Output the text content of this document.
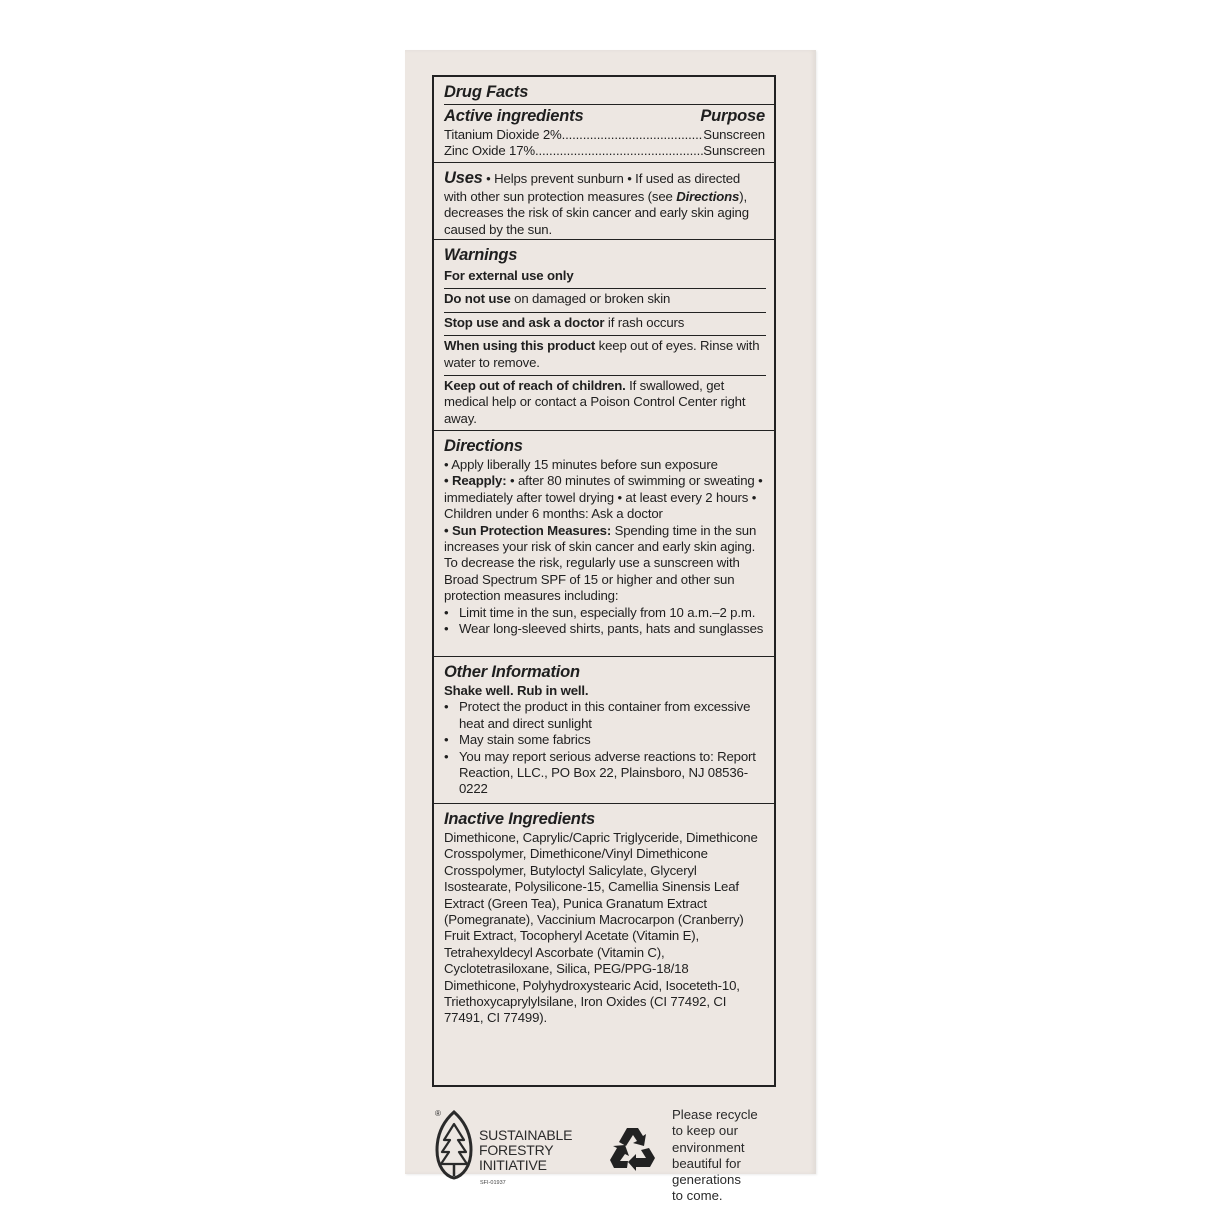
Drug Facts
Active ingredients	Purpose
Titanium Dioxide 2% .....	Sunscreen
Zinc Oxide 17% .....	Sunscreen

Uses • Helps prevent sunburn • If used as directed with other sun protection measures (see Directions), decreases the risk of skin cancer and early skin aging caused by the sun.

Warnings
For external use only
Do not use on damaged or broken skin
Stop use and ask a doctor if rash occurs
When using this product keep out of eyes. Rinse with water to remove.
Keep out of reach of children. If swallowed, get medical help or contact a Poison Control Center right away.
Directions

• Apply liberally 15 minutes before sun exposure

• Reapply: • after 80 minutes of swimming or sweating • immediately after towel drying • at least every 2 hours • Children under 6 months: Ask a doctor

• Sun Protection Measures: Spending time in the sun increases your risk of skin cancer and early skin aging. To decrease the risk, regularly use a sunscreen with Broad Spectrum SPF of 15 or higher and other sun protection measures including:

• Limit time in the sun, especially from 10 a.m.–2 p.m.
• Wear long-sleeved shirts, pants, hats and sunglasses
Other Information

Shake well. Rub in well.

• Protect the product in this container from excessive heat and direct sunlight
• May stain some fabrics
• You may report serious adverse reactions to: Report Reaction, LLC., PO Box 22, Plainsboro, NJ 08536-0222
Inactive Ingredients

Dimethicone, Caprylic/Capric Triglyceride, Dimethicone Crosspolymer, Dimethicone/Vinyl Dimethicone Crosspolymer, Butyloctyl Salicylate, Glyceryl Isostearate, Polysilicone-15, Camellia Sinensis Leaf Extract (Green Tea), Punica Granatum Extract (Pomegranate), Vaccinium Macrocarpon (Cranberry) Fruit Extract, Tocopheryl Acetate (Vitamin E), Tetrahexyldecyl Ascorbate (Vitamin C), Cyclotetrasiloxane, Silica, PEG/PPG-18/18 Dimethicone, Polyhydroxystearic Acid, Isoceteth-10, Triethoxycaprylylsilane, Iron Oxides (CI 77492, CI 77491, CI 77499).

®
SUSTAINABLE
FORESTRY
INITIATIVE
SFI-01937
Please recycle
to keep our
environment
beautiful for
generations
to come.
